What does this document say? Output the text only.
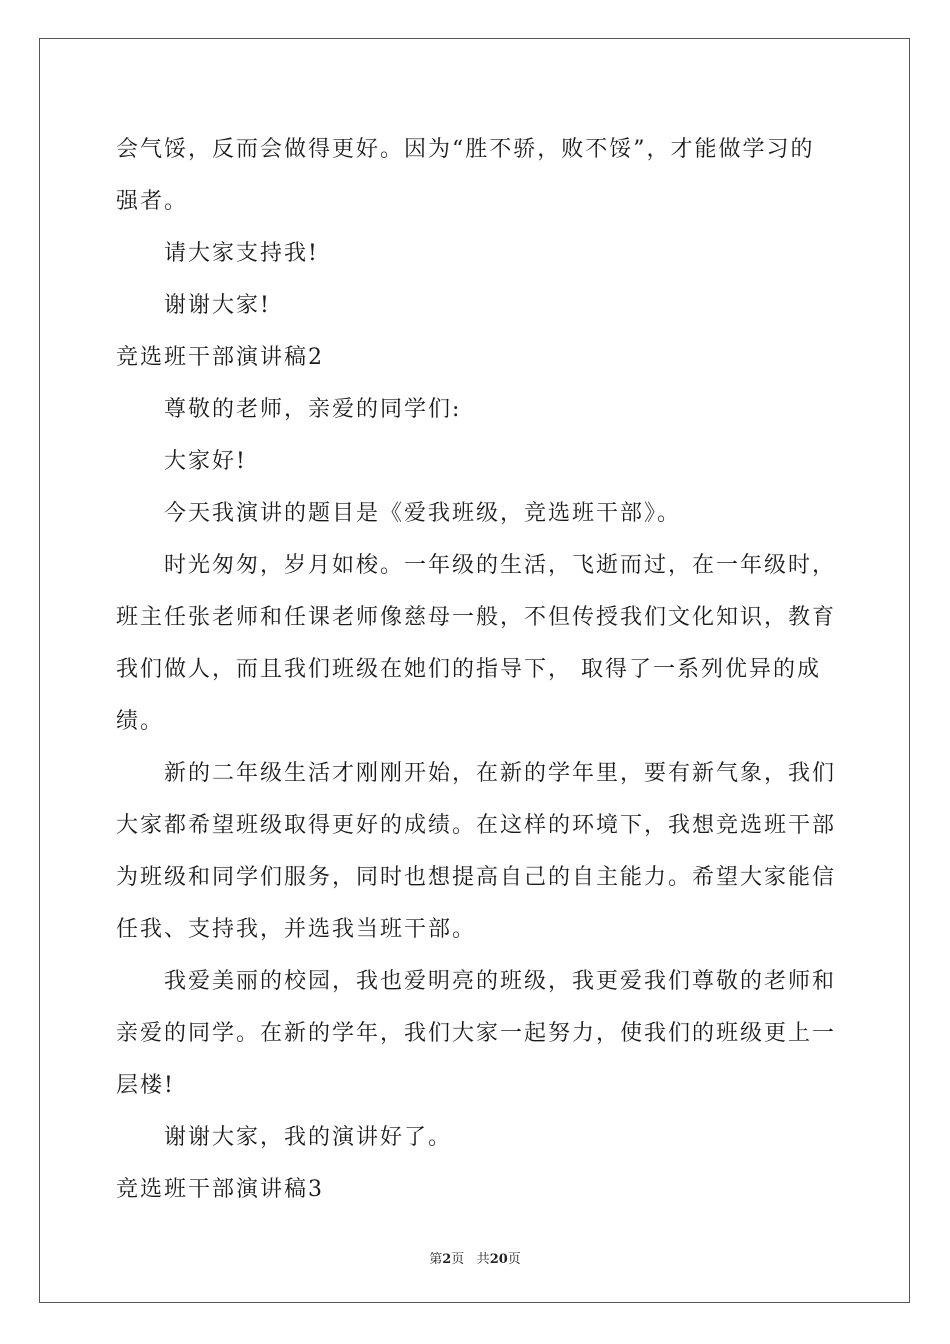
会气馁，反而会做得更好。因为“胜不骄，败不馁”，才能做学习的

强者。

请大家支持我!

谢谢大家!

竞选班干部演讲稿2

尊敬的老师，亲爱的同学们:

大家好!

今天我演讲的题目是《爱我班级，竞选班干部》。

时光匆匆，岁月如梭。一年级的生活，飞逝而过，在一年级时，

班主任张老师和任课老师像慈母一般，不但传授我们文化知识，教育

我们做人，而且我们班级在她们的指导下， 取得了一系列优异的成

绩。

新的二年级生活才刚刚开始，在新的学年里，要有新气象，我们

大家都希望班级取得更好的成绩。在这样的环境下，我想竞选班干部

为班级和同学们服务，同时也想提高自己的自主能力。希望大家能信

任我、支持我，并选我当班干部。

我爱美丽的校园，我也爱明亮的班级，我更爱我们尊敬的老师和

亲爱的同学。在新的学年，我们大家一起努力，使我们的班级更上一

层楼!

谢谢大家，我的演讲好了。

竞选班干部演讲稿3

第2页 共20页
